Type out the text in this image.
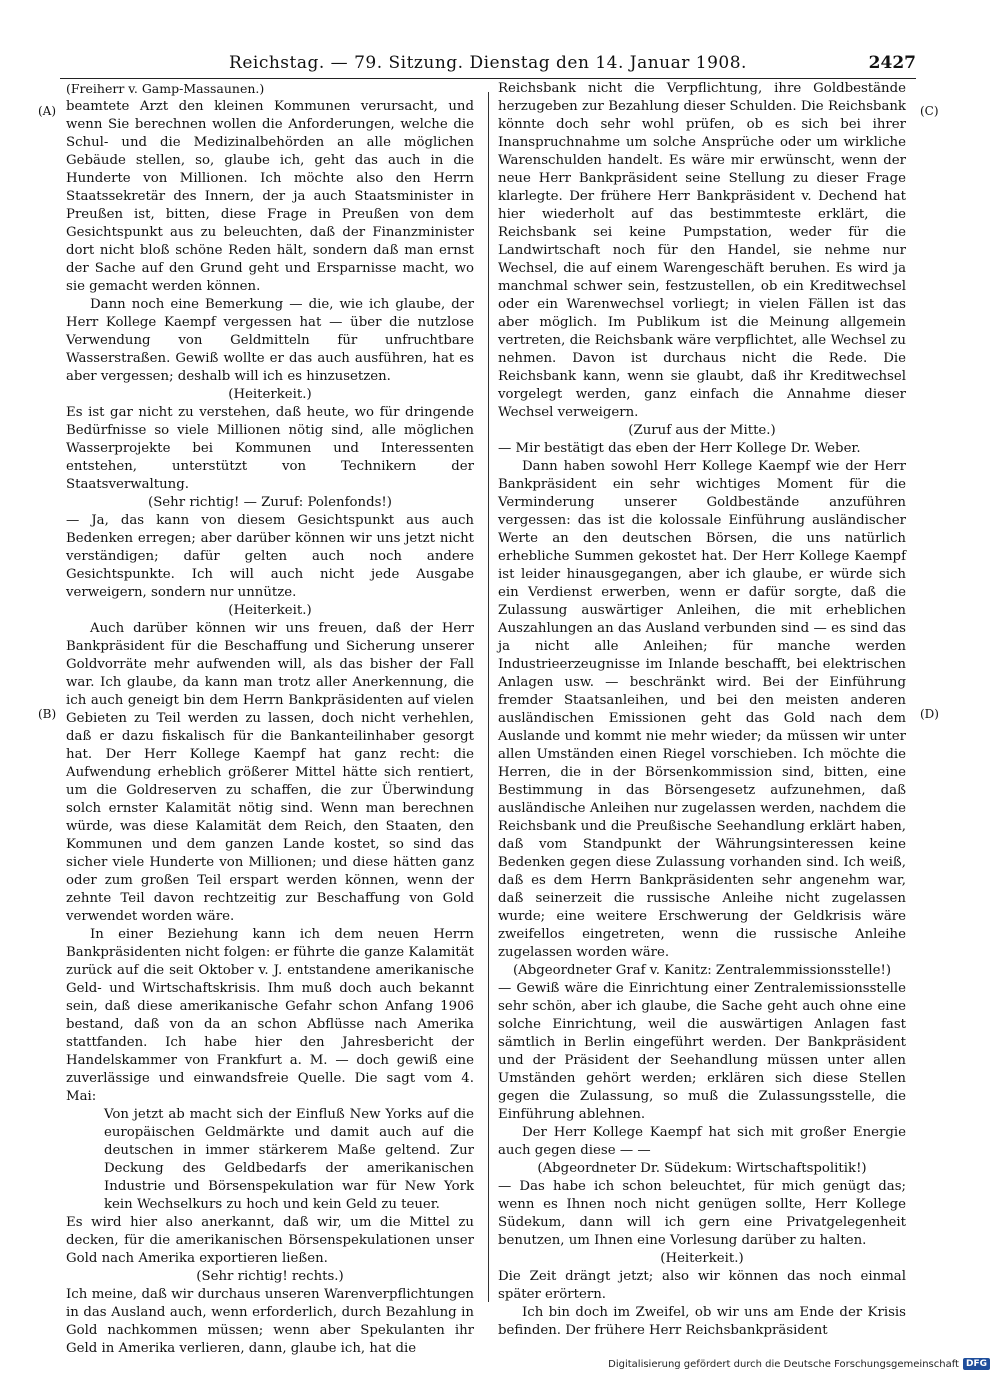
Reichstag. — 79. Sitzung. Dienstag den 14. Januar 1908.	2427
(A)
(B)
(C)
(D)

(Freiherr v. Gamp-Massaunen.)

beamtete Arzt den kleinen Kommunen verursacht, und wenn Sie berechnen wollen die Anforderungen, welche die Schul- und die Medizinalbehörden an alle möglichen Gebäude stellen, so, glaube ich, geht das auch in die Hunderte von Millionen. Ich möchte also den Herrn Staatssekretär des Innern, der ja auch Staatsminister in Preußen ist, bitten, diese Frage in Preußen von dem Gesichtspunkt aus zu beleuchten, daß der Finanzminister dort nicht bloß schöne Reden hält, sondern daß man ernst der Sache auf den Grund geht und Ersparnisse macht, wo sie gemacht werden können.

Dann noch eine Bemerkung — die, wie ich glaube, der Herr Kollege Kaempf vergessen hat — über die nutzlose Verwendung von Geldmitteln für unfruchtbare Wasserstraßen. Gewiß wollte er das auch ausführen, hat es aber vergessen; deshalb will ich es hinzusetzen.

(Heiterkeit.)

Es ist gar nicht zu verstehen, daß heute, wo für dringende Bedürfnisse so viele Millionen nötig sind, alle möglichen Wasserprojekte bei Kommunen und Interessenten entstehen, unterstützt von Technikern der Staatsverwaltung.

(Sehr richtig! — Zuruf: Polenfonds!)

— Ja, das kann von diesem Gesichtspunkt aus auch Bedenken erregen; aber darüber können wir uns jetzt nicht verständigen; dafür gelten auch noch andere Gesichtspunkte. Ich will auch nicht jede Ausgabe verweigern, sondern nur unnütze.

(Heiterkeit.)

Auch darüber können wir uns freuen, daß der Herr Bankpräsident für die Beschaffung und Sicherung unserer Goldvorräte mehr aufwenden will, als das bisher der Fall war. Ich glaube, da kann man trotz aller Anerkennung, die ich auch geneigt bin dem Herrn Bankpräsidenten auf vielen Gebieten zu Teil werden zu lassen, doch nicht verhehlen, daß er dazu fiskalisch für die Bankanteilinhaber gesorgt hat. Der Herr Kollege Kaempf hat ganz recht: die Aufwendung erheblich größerer Mittel hätte sich rentiert, um die Goldreserven zu schaffen, die zur Überwindung solch ernster Kalamität nötig sind. Wenn man berechnen würde, was diese Kalamität dem Reich, den Staaten, den Kommunen und dem ganzen Lande kostet, so sind das sicher viele Hunderte von Millionen; und diese hätten ganz oder zum großen Teil erspart werden können, wenn der zehnte Teil davon rechtzeitig zur Beschaffung von Gold verwendet worden wäre.

In einer Beziehung kann ich dem neuen Herrn Bankpräsidenten nicht folgen: er führte die ganze Kalamität zurück auf die seit Oktober v. J. entstandene amerikanische Geld- und Wirtschaftskrisis. Ihm muß doch auch bekannt sein, daß diese amerikanische Gefahr schon Anfang 1906 bestand, daß von da an schon Abflüsse nach Amerika stattfanden. Ich habe hier den Jahresbericht der Handelskammer von Frankfurt a. M. — doch gewiß eine zuverlässige und einwandsfreie Quelle. Die sagt vom 4. Mai:

Von jetzt ab macht sich der Einfluß New Yorks auf die europäischen Geldmärkte und damit auch auf die deutschen in immer stärkerem Maße geltend. Zur Deckung des Geldbedarfs der amerikanischen Industrie und Börsenspekulation war für New York kein Wechselkurs zu hoch und kein Geld zu teuer.

Es wird hier also anerkannt, daß wir, um die Mittel zu decken, für die amerikanischen Börsenspekulationen unser Gold nach Amerika exportieren ließen.

(Sehr richtig! rechts.)

Ich meine, daß wir durchaus unseren Warenverpflichtungen in das Ausland auch, wenn erforderlich, durch Bezahlung in Gold nachkommen müssen; wenn aber Spekulanten ihr Geld in Amerika verlieren, dann, glaube ich, hat die

Reichsbank nicht die Verpflichtung, ihre Goldbestände herzugeben zur Bezahlung dieser Schulden. Die Reichsbank könnte doch sehr wohl prüfen, ob es sich bei ihrer Inanspruchnahme um solche Ansprüche oder um wirkliche Warenschulden handelt. Es wäre mir erwünscht, wenn der neue Herr Bankpräsident seine Stellung zu dieser Frage klarlegte. Der frühere Herr Bankpräsident v. Dechend hat hier wiederholt auf das bestimmteste erklärt, die Reichsbank sei keine Pumpstation, weder für die Landwirtschaft noch für den Handel, sie nehme nur Wechsel, die auf einem Warengeschäft beruhen. Es wird ja manchmal schwer sein, festzustellen, ob ein Kreditwechsel oder ein Warenwechsel vorliegt; in vielen Fällen ist das aber möglich. Im Publikum ist die Meinung allgemein vertreten, die Reichsbank wäre verpflichtet, alle Wechsel zu nehmen. Davon ist durchaus nicht die Rede. Die Reichsbank kann, wenn sie glaubt, daß ihr Kreditwechsel vorgelegt werden, ganz einfach die Annahme dieser Wechsel verweigern.

(Zuruf aus der Mitte.)

— Mir bestätigt das eben der Herr Kollege Dr. Weber.

Dann haben sowohl Herr Kollege Kaempf wie der Herr Bankpräsident ein sehr wichtiges Moment für die Verminderung unserer Goldbestände anzuführen vergessen: das ist die kolossale Einführung ausländischer Werte an den deutschen Börsen, die uns natürlich erhebliche Summen gekostet hat. Der Herr Kollege Kaempf ist leider hinausgegangen, aber ich glaube, er würde sich ein Verdienst erwerben, wenn er dafür sorgte, daß die Zulassung auswärtiger Anleihen, die mit erheblichen Auszahlungen an das Ausland verbunden sind — es sind das ja nicht alle Anleihen; für manche werden Industrieerzeugnisse im Inlande beschafft, bei elektrischen Anlagen usw. — beschränkt wird. Bei der Einführung fremder Staatsanleihen, und bei den meisten anderen ausländischen Emissionen geht das Gold nach dem Auslande und kommt nie mehr wieder; da müssen wir unter allen Umständen einen Riegel vorschieben. Ich möchte die Herren, die in der Börsenkommission sind, bitten, eine Bestimmung in das Börsengesetz aufzunehmen, daß ausländische Anleihen nur zugelassen werden, nachdem die Reichsbank und die Preußische Seehandlung erklärt haben, daß vom Standpunkt der Währungsinteressen keine Bedenken gegen diese Zulassung vorhanden sind. Ich weiß, daß es dem Herrn Bankpräsidenten sehr angenehm war, daß seinerzeit die russische Anleihe nicht zugelassen wurde; eine weitere Erschwerung der Geldkrisis wäre zweifellos eingetreten, wenn die russische Anleihe zugelassen worden wäre.

(Abgeordneter Graf v. Kanitz: Zentralemmissionsstelle!)

— Gewiß wäre die Einrichtung einer Zentralemissionsstelle sehr schön, aber ich glaube, die Sache geht auch ohne eine solche Einrichtung, weil die auswärtigen Anlagen fast sämtlich in Berlin eingeführt werden. Der Bankpräsident und der Präsident der Seehandlung müssen unter allen Umständen gehört werden; erklären sich diese Stellen gegen die Zulassung, so muß die Zulassungsstelle, die Einführung ablehnen.

Der Herr Kollege Kaempf hat sich mit großer Energie auch gegen diese — —

(Abgeordneter Dr. Südekum: Wirtschaftspolitik!)

— Das habe ich schon beleuchtet, für mich genügt das; wenn es Ihnen noch nicht genügen sollte, Herr Kollege Südekum, dann will ich gern eine Privatgelegenheit benutzen, um Ihnen eine Vorlesung darüber zu halten.

(Heiterkeit.)

Die Zeit drängt jetzt; also wir können das noch einmal später erörtern.

Ich bin doch im Zweifel, ob wir uns am Ende der Krisis befinden. Der frühere Herr Reichsbankpräsident

Digitalisierung gefördert durch die Deutsche Forschungsgemeinschaft DFG
